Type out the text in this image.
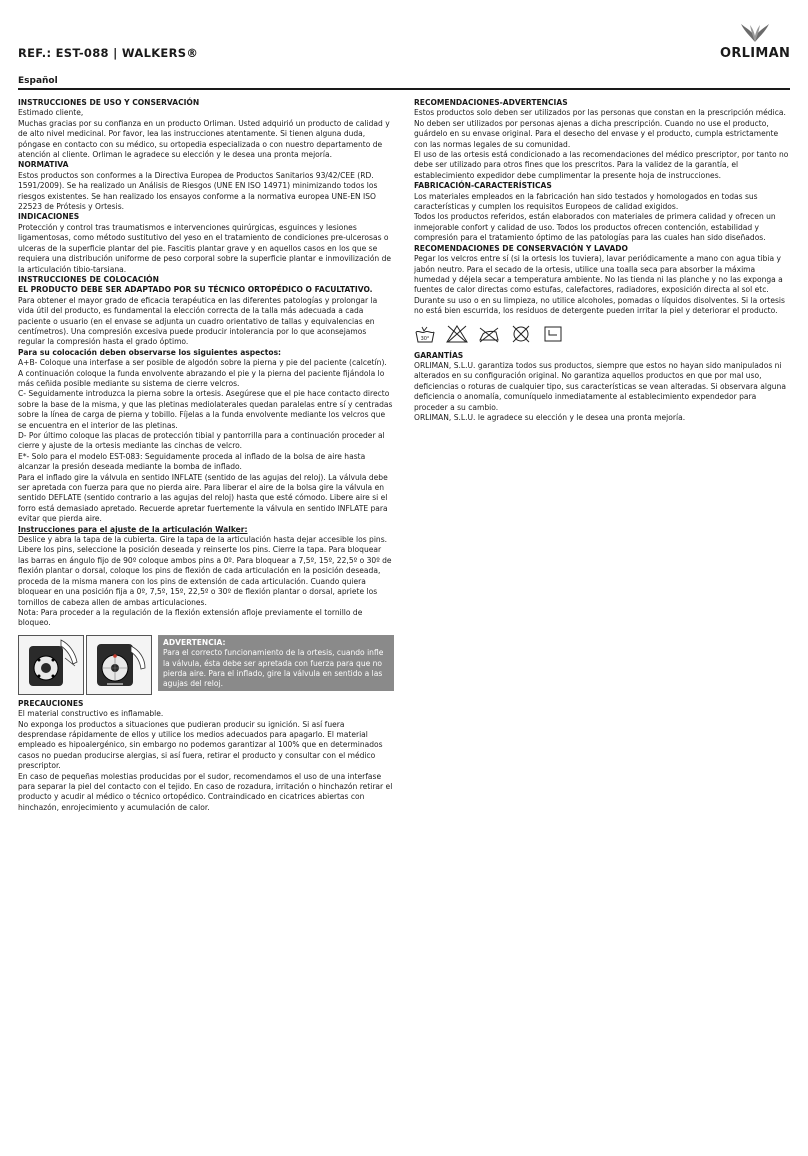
REF.: EST-088 | WALKERS®	ORLIMAN
Español

INSTRUCCIONES DE USO Y CONSERVACIÓN

Estimado cliente,

Muchas gracias por su confianza en un producto Orliman. Usted adquirió un producto de calidad y de alto nivel medicinal. Por favor, lea las instrucciones atentamente. Si tienen alguna duda, póngase en contacto con su médico, su ortopedia especializada o con nuestro departamento de atención al cliente. Orliman le agradece su elección y le desea una pronta mejoría.

NORMATIVA

Estos productos son conformes a la Directiva Europea de Productos Sanitarios 93/42/CEE (RD. 1591/2009). Se ha realizado un Análisis de Riesgos (UNE EN ISO 14971) minimizando todos los riesgos existentes. Se han realizado los ensayos conforme a la normativa europea UNE-EN ISO 22523 de Prótesis y Ortesis.

INDICACIONES

Protección y control tras traumatismos e intervenciones quirúrgicas, esguinces y lesiones ligamentosas, como método sustitutivo del yeso en el tratamiento de condiciones pre-ulcerosas o ulceras de la superficie plantar del pie. Fascitis plantar grave y en aquellos casos en los que se requiera una distribución uniforme de peso corporal sobre la superficie plantar e inmovilización de la articulación tibio-tarsiana.

INSTRUCCIONES DE COLOCACIÓN

EL PRODUCTO DEBE SER ADAPTADO POR SU TÉCNICO ORTOPÉDICO O FACULTATIVO.

Para obtener el mayor grado de eficacia terapéutica en las diferentes patologías y prolongar la vida útil del producto, es fundamental la elección correcta de la talla más adecuada a cada paciente o usuario (en el envase se adjunta un cuadro orientativo de tallas y equivalencias en centímetros). Una compresión excesiva puede producir intolerancia por lo que aconsejamos regular la compresión hasta el grado óptimo.

Para su colocación deben observarse los siguientes aspectos:

A+B- Coloque una interfase a ser posible de algodón sobre la pierna y pie del paciente (calcetín). A continuación coloque la funda envolvente abrazando el pie y la pierna del paciente fijándola lo más ceñida posible mediante su sistema de cierre velcros.

C- Seguidamente introduzca la pierna sobre la ortesis. Asegúrese que el pie hace contacto directo sobre la base de la misma, y que las pletinas mediolaterales quedan paralelas entre sí y centradas sobre la línea de carga de pierna y tobillo. Fíjelas a la funda envolvente mediante los velcros que se encuentra en el interior de las pletinas.

D- Por último coloque las placas de protección tibial y pantorrilla para a continuación proceder al cierre y ajuste de la ortesis mediante las cinchas de velcro.

E*- Solo para el modelo EST-083: Seguidamente proceda al inflado de la bolsa de aire hasta alcanzar la presión deseada mediante la bomba de inflado.

Para el inflado gire la válvula en sentido INFLATE (sentido de las agujas del reloj). La válvula debe ser apretada con fuerza para que no pierda aire. Para liberar el aire de la bolsa gire la válvula en sentido DEFLATE (sentido contrario a las agujas del reloj) hasta que esté cómodo. Libere aire si el forro está demasiado apretado. Recuerde apretar fuertemente la válvula en sentido INFLATE para evitar que pierda aire.

Instrucciones para el ajuste de la articulación Walker:

Deslice y abra la tapa de la cubierta. Gire la tapa de la articulación hasta dejar accesible los pins. Libere los pins, seleccione la posición deseada y reinserte los pins. Cierre la tapa. Para bloquear las barras en ángulo fijo de 90º coloque ambos pins a 0º. Para bloquear a 7,5º, 15º, 22,5º o 30º de flexión plantar o dorsal, coloque los pins de flexión de cada articulación en la posición deseada, proceda de la misma manera con los pins de extensión de cada articulación. Cuando quiera bloquear en una posición fija a 0º, 7,5º, 15º, 22,5º o 30º de flexión plantar o dorsal, apriete los tornillos de cabeza allen de ambas articulaciones.

Nota: Para proceder a la regulación de la flexión extensión afloje previamente el tornillo de bloqueo.

ADVERTENCIA:

Para el correcto funcionamiento de la ortesis, cuando infle la válvula, ésta debe ser apretada con fuerza para que no pierda aire. Para el inflado, gire la válvula en sentido a las agujas del reloj.

PRECAUCIONES

El material constructivo es inflamable.

No exponga los productos a situaciones que pudieran producir su ignición. Si así fuera desprendase rápidamente de ellos y utilice los medios adecuados para apagarlo. El material empleado es hipoalergénico, sin embargo no podemos garantizar al 100% que en determinados casos no puedan producirse alergias, si así fuera, retirar el producto y consultar con el médico prescriptor.

En caso de pequeñas molestias producidas por el sudor, recomendamos el uso de una interfase para separar la piel del contacto con el tejido. En caso de rozadura, irritación o hinchazón retirar el producto y acudir al médico o técnico ortopédico. Contraindicado en cicatrices abiertas con hinchazón, enrojecimiento y acumulación de calor.

RECOMENDACIONES-ADVERTENCIAS

Estos productos solo deben ser utilizados por las personas que constan en la prescripción médica. No deben ser utilizados por personas ajenas a dicha prescripción. Cuando no use el producto, guárdelo en su envase original. Para el desecho del envase y el producto, cumpla estrictamente con las normas legales de su comunidad.

El uso de las ortesis está condicionado a las recomendaciones del médico prescriptor, por tanto no debe ser utilizado para otros fines que los prescritos. Para la validez de la garantía, el establecimiento expedidor debe cumplimentar la presente hoja de instrucciones.

FABRICACIÓN-CARACTERÍSTICAS

Los materiales empleados en la fabricación han sido testados y homologados en todas sus características y cumplen los requisitos Europeos de calidad exigidos.

Todos los productos referidos, están elaborados con materiales de primera calidad y ofrecen un inmejorable confort y calidad de uso. Todos los productos ofrecen contención, estabilidad y compresión para el tratamiento óptimo de las patologías para las cuales han sido diseñados.

RECOMENDACIONES DE CONSERVACIÓN Y LAVADO

Pegar los velcros entre sí (si la ortesis los tuviera), lavar periódicamente a mano con agua tibia y jabón neutro. Para el secado de la ortesis, utilice una toalla seca para absorber la máxima humedad y déjela secar a temperatura ambiente. No las tienda ni las planche y no las exponga a fuentes de calor directas como estufas, calefactores, radiadores, exposición directa al sol etc. Durante su uso o en su limpieza, no utilice alcoholes, pomadas o líquidos disolventes. Si la ortesis no está bien escurrida, los residuos de detergente pueden irritar la piel y deteriorar el producto.

30°

GARANTÍAS

ORLIMAN, S.L.U. garantiza todos sus productos, siempre que estos no hayan sido manipulados ni alterados en su configuración original. No garantiza aquellos productos en que por mal uso, deficiencias o roturas de cualquier tipo, sus características se vean alteradas. Si observara alguna deficiencia o anomalía, comuníquelo inmediatamente al establecimiento expendedor para proceder a su cambio.

ORLIMAN, S.L.U. le agradece su elección y le desea una pronta mejoría.
